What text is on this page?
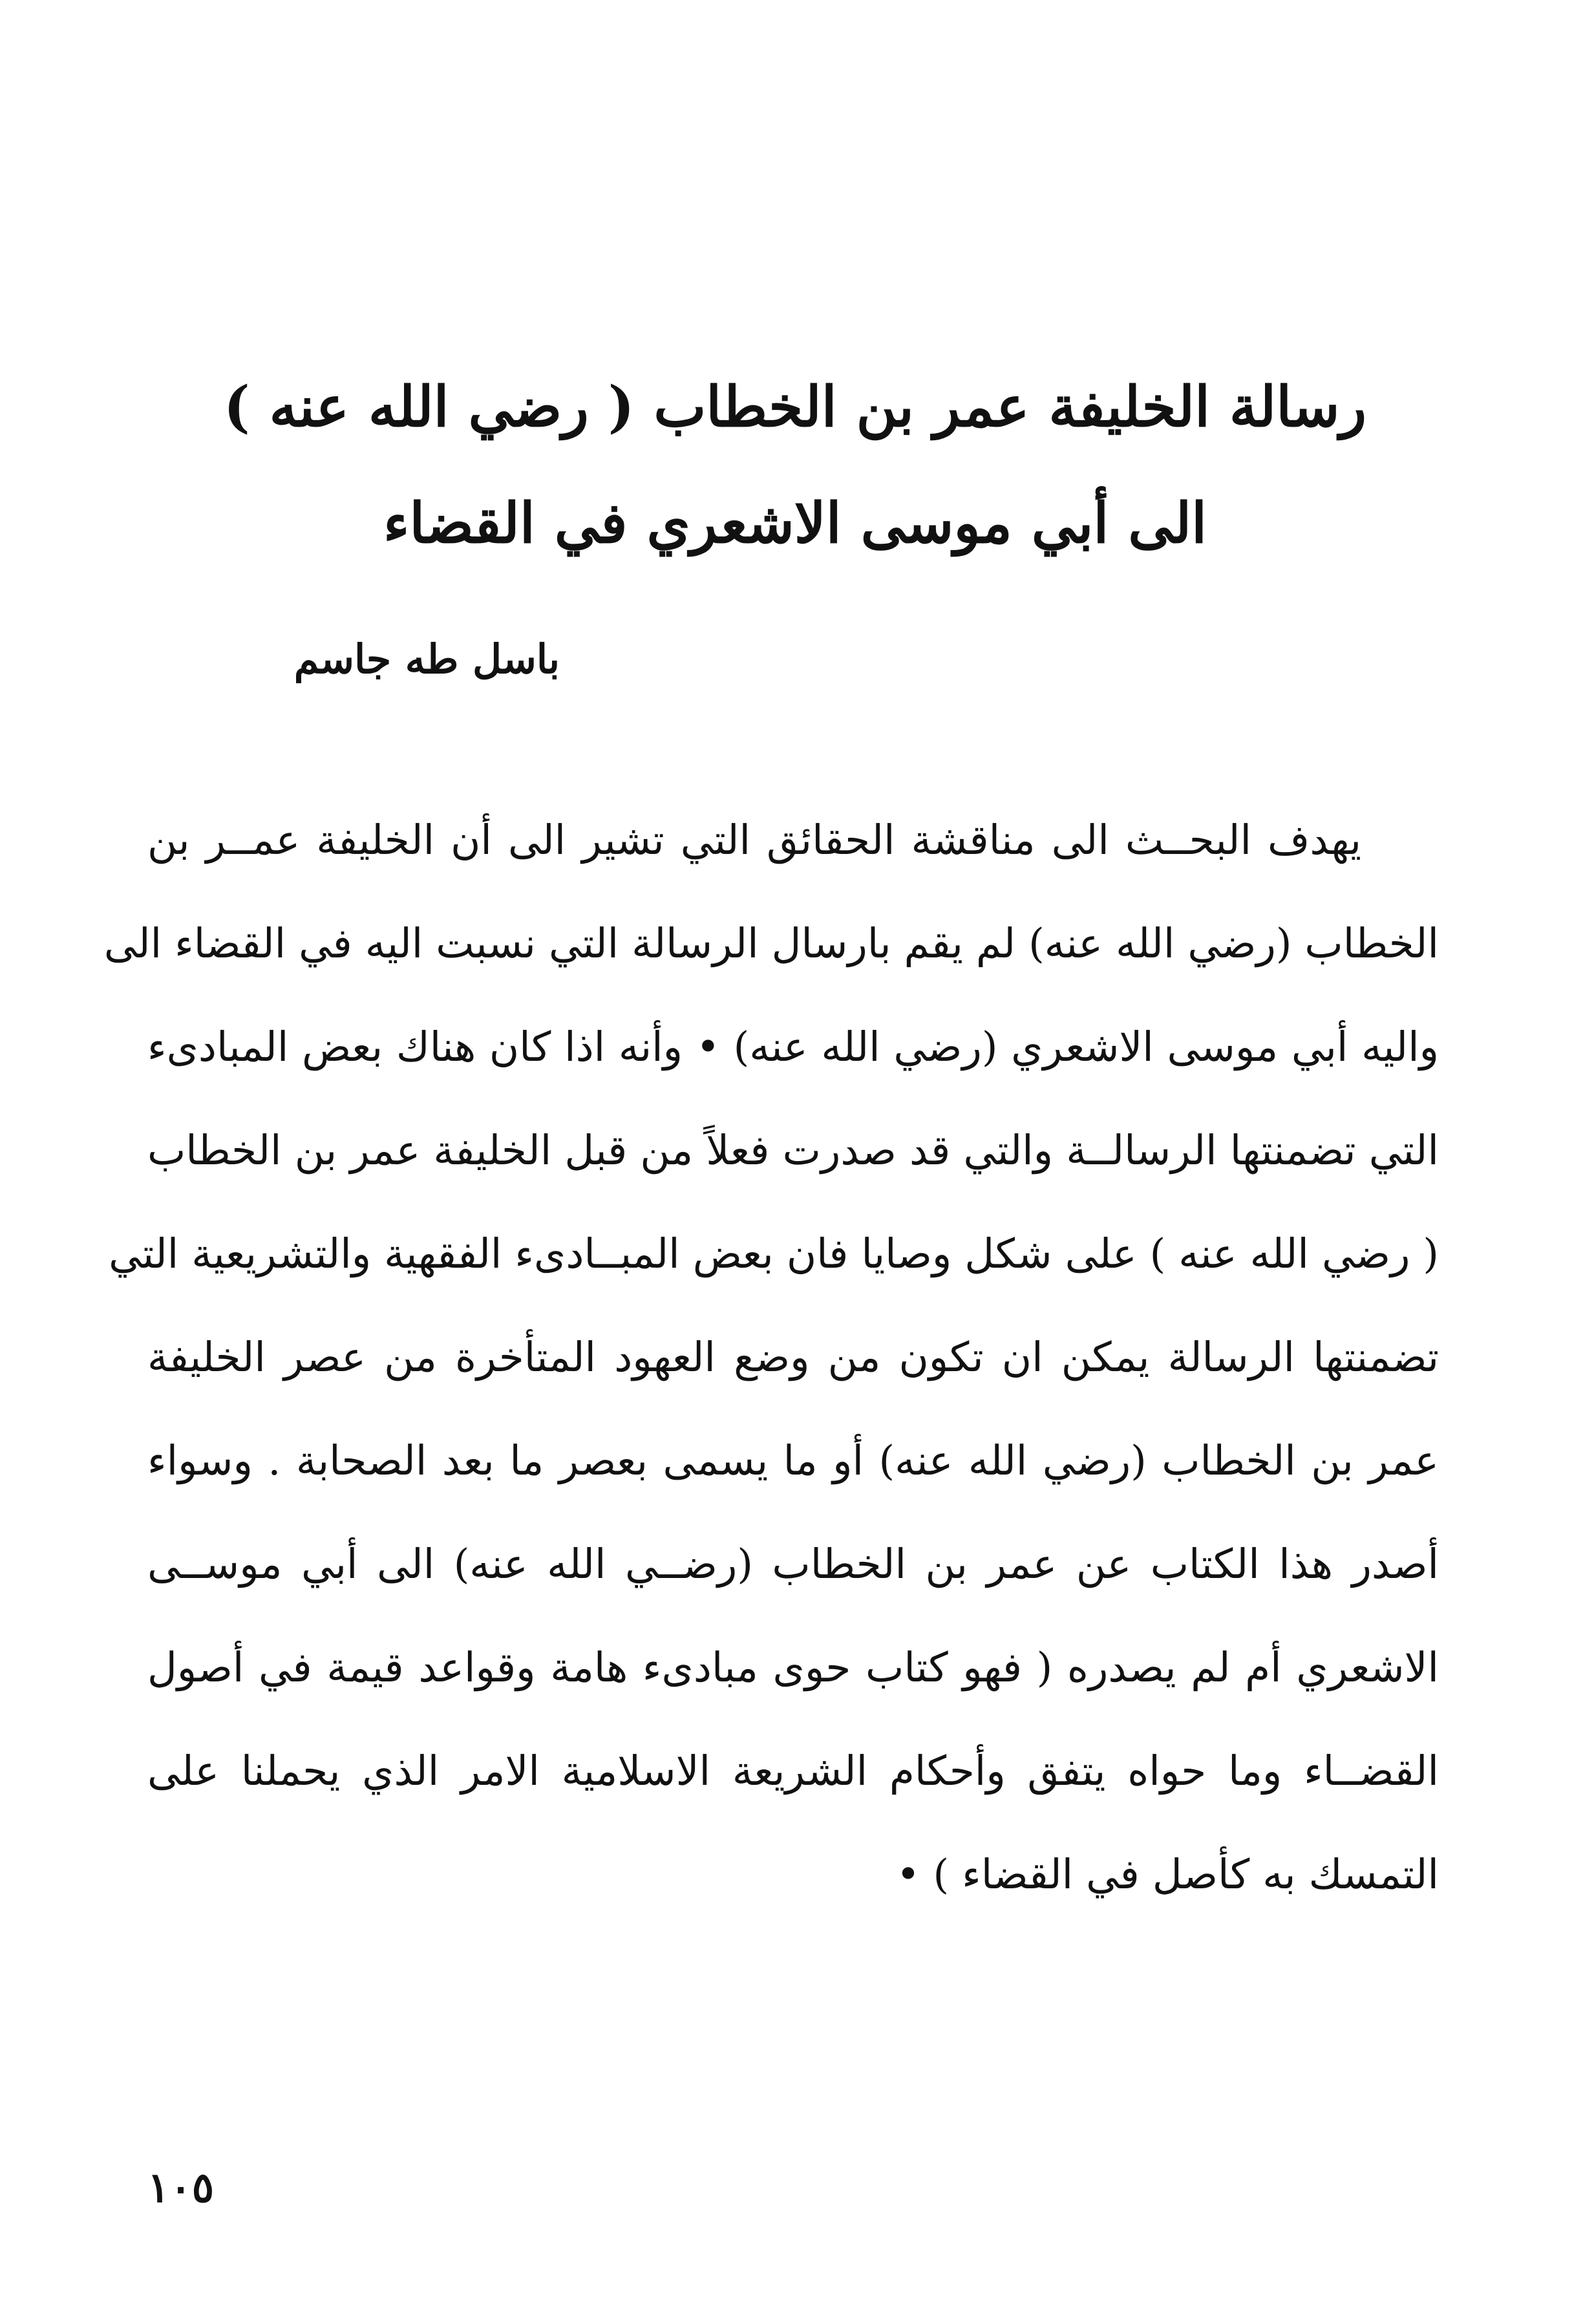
رسالة الخليفة عمر بن الخطاب ( رضي الله عنه )
الى أبي موسى الاشعري في القضاء
باسل طه جاسم
يهدف البحــث الى مناقشة الحقائق التي تشير الى أن الخليفة عمــر بن
الخطاب (رضي الله عنه) لم يقم بارسال الرسالة التي نسبت اليه في القضاء الى
واليه أبي موسى الاشعري (رضي الله عنه) • وأنه اذا كان هناك بعض المبادىء
التي تضمنتها الرسالــة والتي قد صدرت فعلاً من قبل الخليفة عمر بن الخطاب
( رضي الله عنه ) على شكل وصايا فان بعض المبــادىء الفقهية والتشريعية التي
تضمنتها الرسالة يمكن ان تكون من وضع العهود المتأخرة من عصر الخليفة
عمر بن الخطاب (رضي الله عنه) أو ما يسمى بعصر ما بعد الصحابة . وسواء
أصدر هذا الكتاب عن عمر بن الخطاب (رضــي الله عنه) الى أبي موســى
الاشعري أم لم يصدره ( فهو كتاب حوى مبادىء هامة وقواعد قيمة في أصول
القضــاء وما حواه يتفق وأحكام الشريعة الاسلامية الامر الذي يحملنا على
التمسك به كأصل في القضاء ) •
١٠٥
